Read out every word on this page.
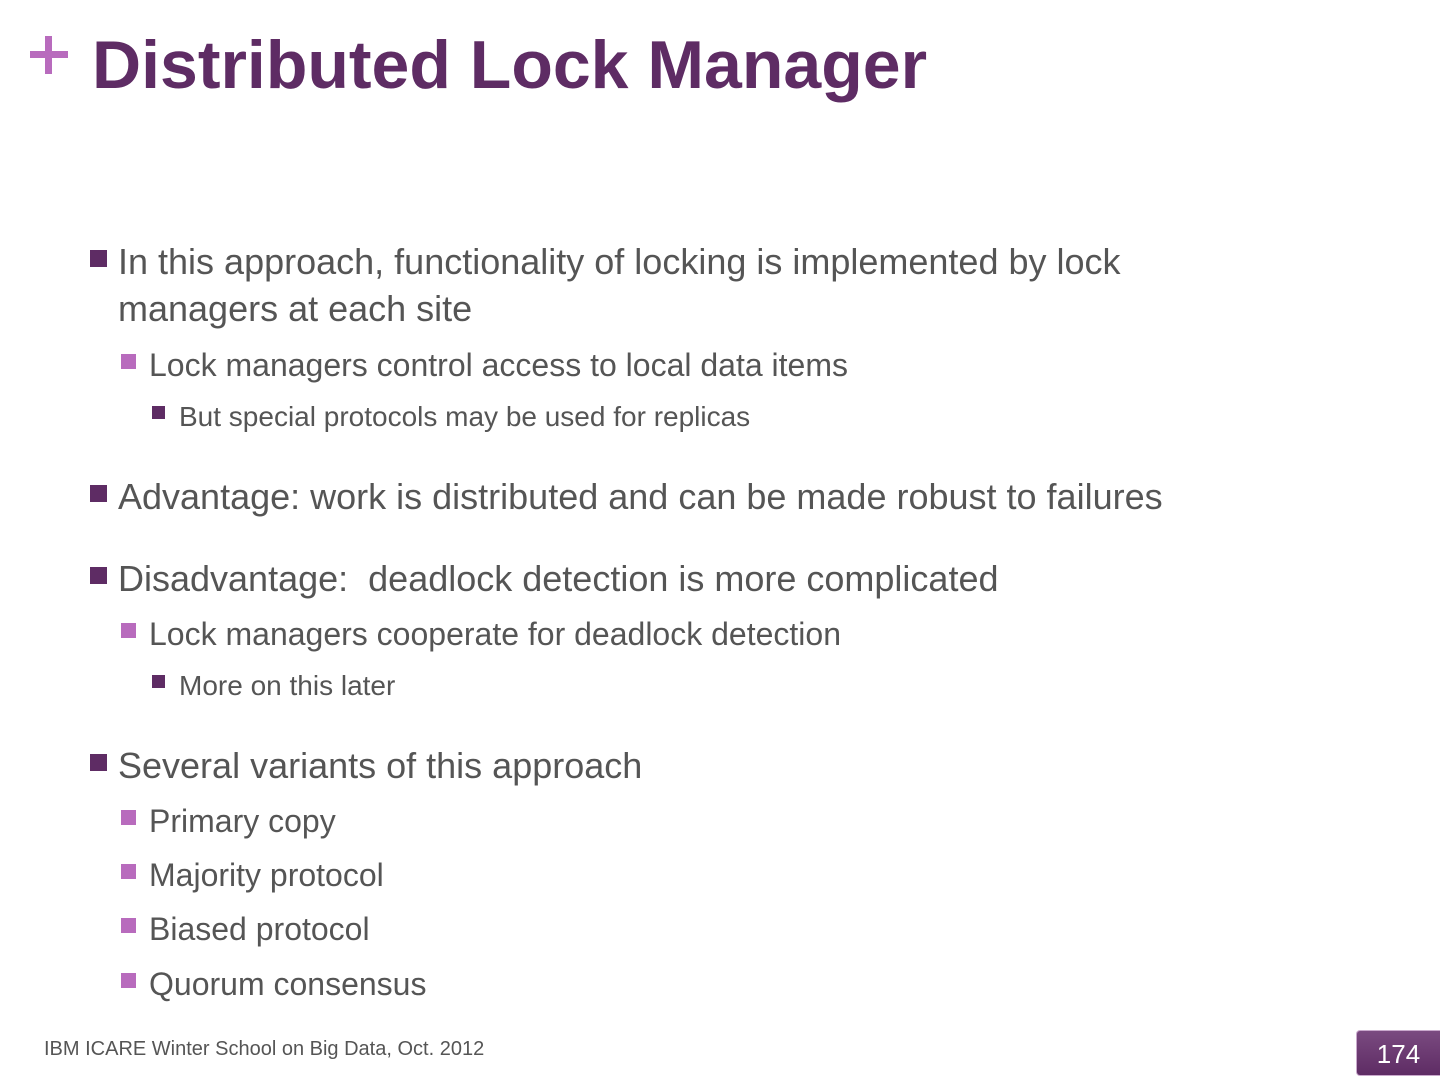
Distributed Lock Manager
In this approach, functionality of locking is implemented by lock
managers at each site
Lock managers control access to local data items
But special protocols may be used for replicas
Advantage: work is distributed and can be made robust to failures
Disadvantage:  deadlock detection is more complicated
Lock managers cooperate for deadlock detection
More on this later
Several variants of this approach
Primary copy
Majority protocol
Biased protocol
Quorum consensus
IBM ICARE Winter School on Big Data, Oct. 2012	174
